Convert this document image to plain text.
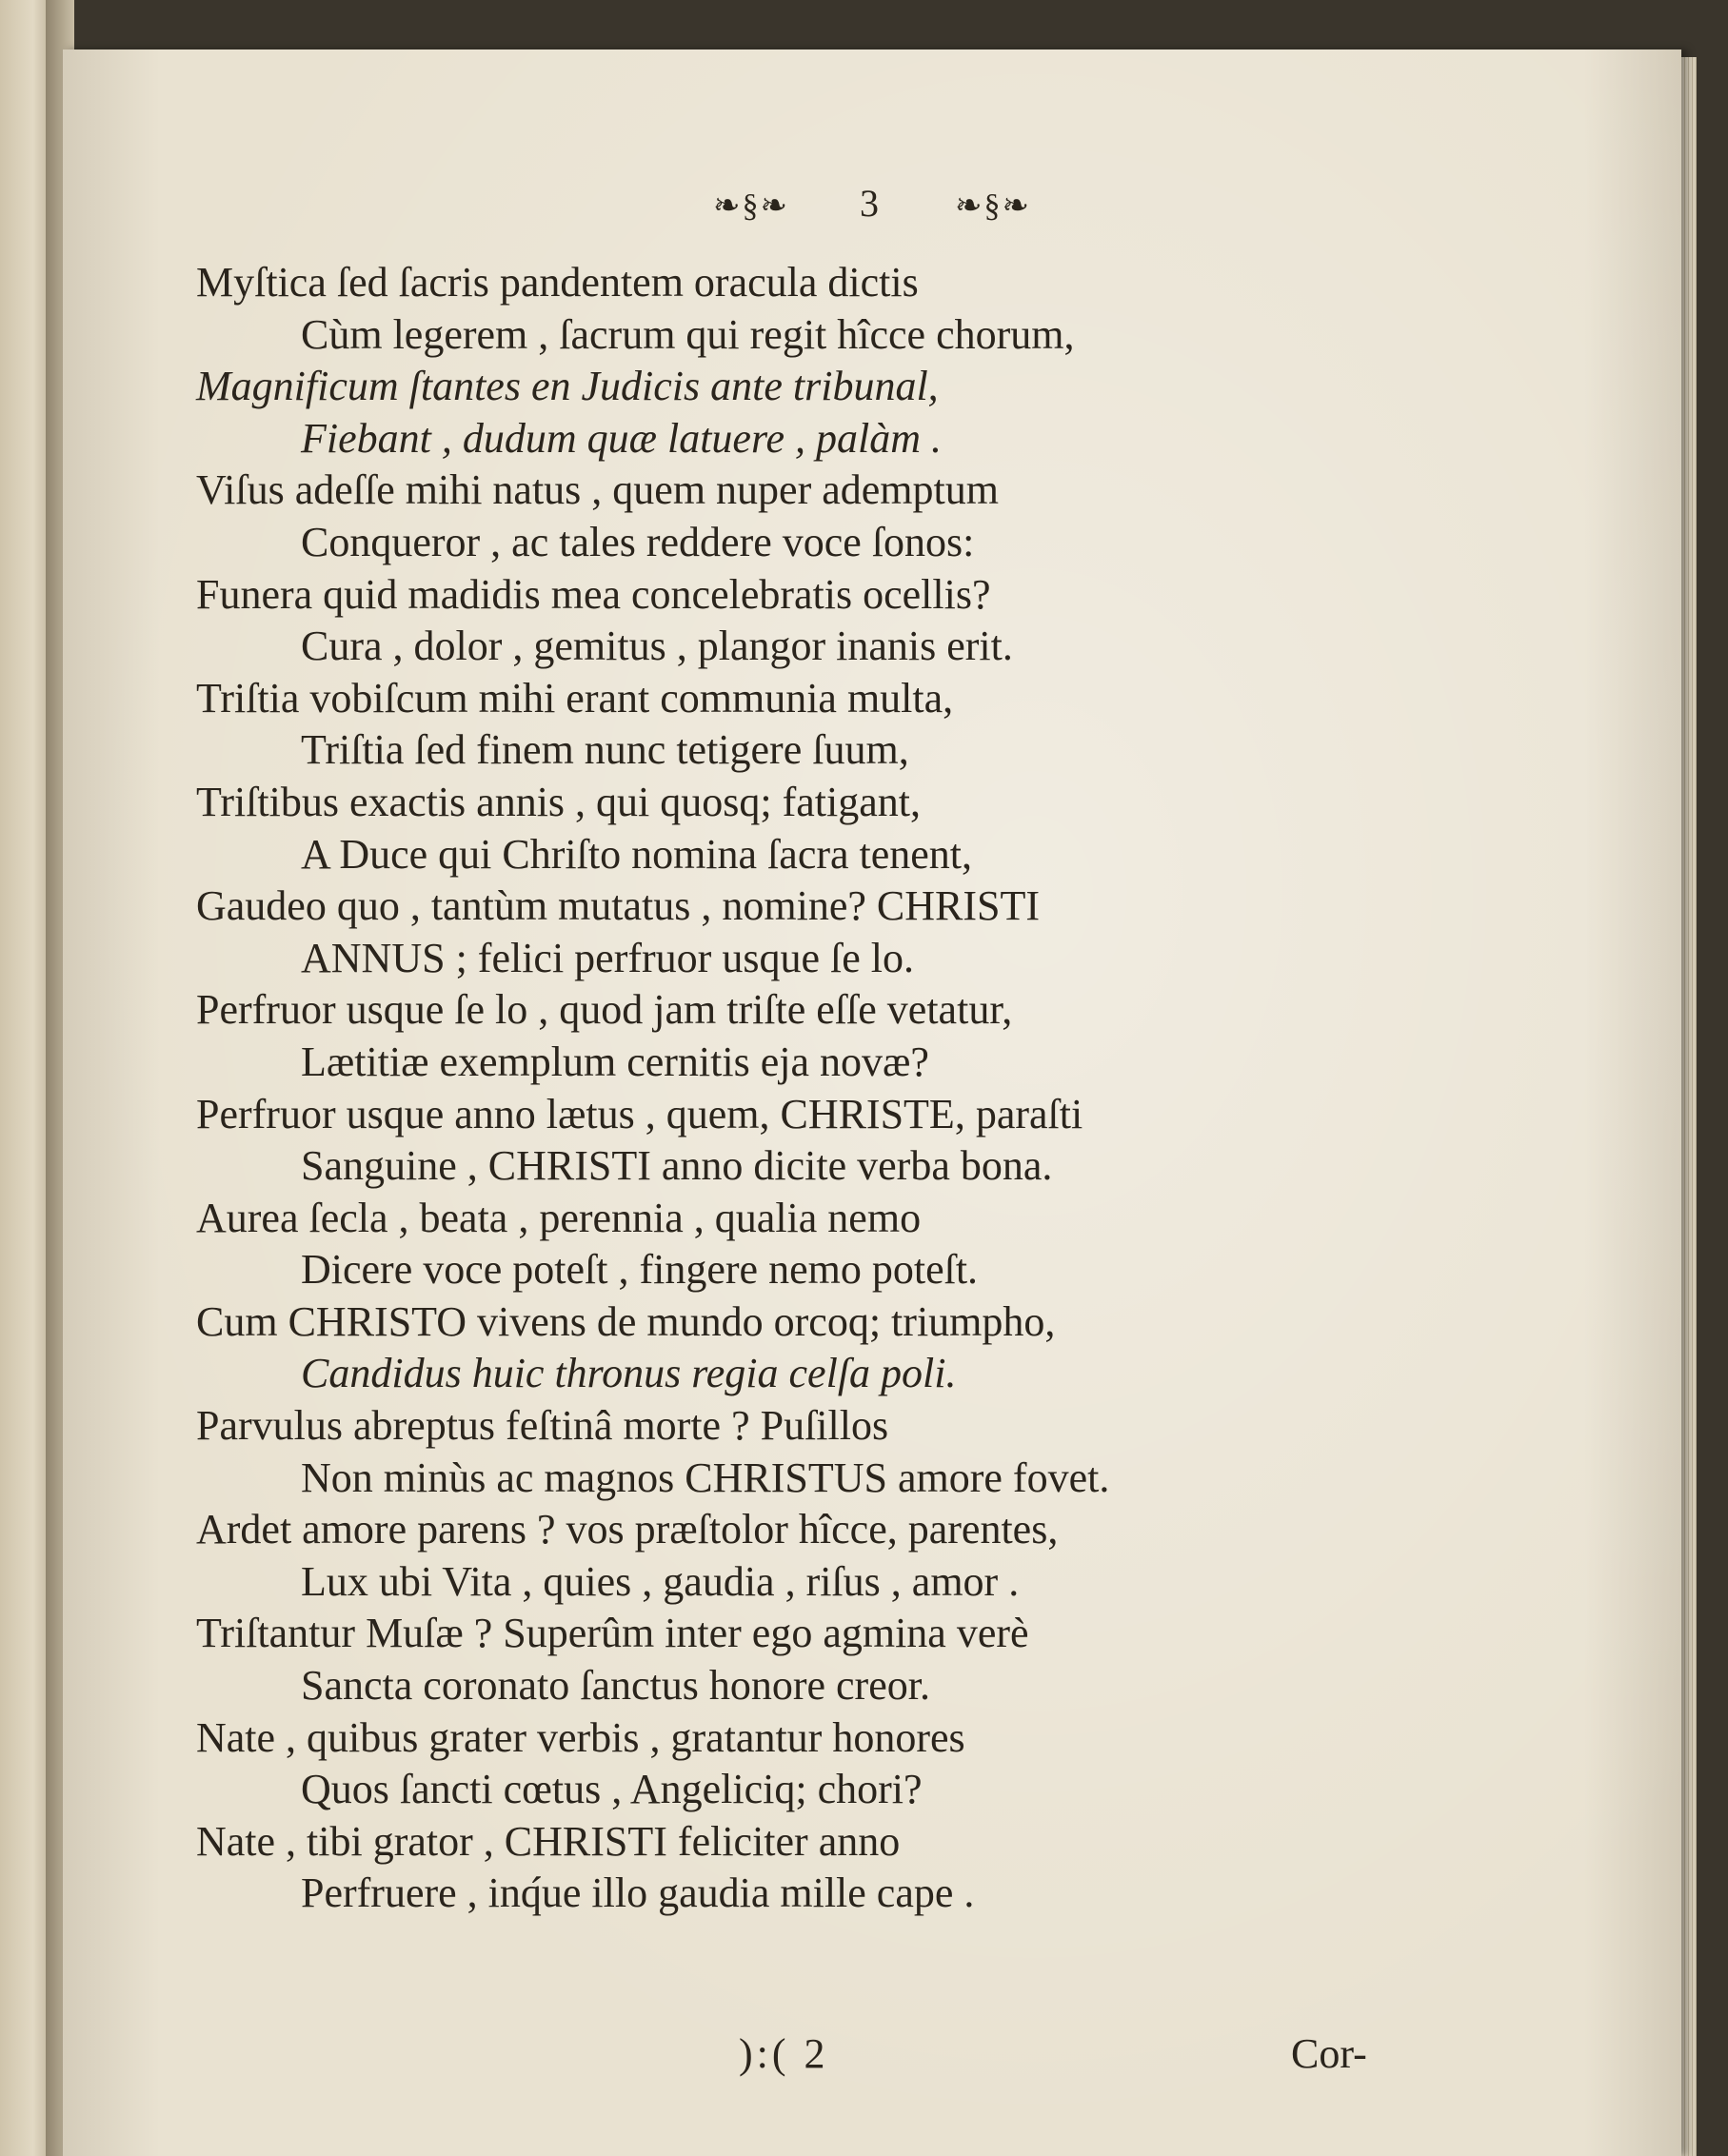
❧§❧ 3 ❧§❧
Myſtica ſed ſacris pandentem oracula dictis
Cùm legerem , ſacrum qui regit hîcce chorum,
Magnificum ſtantes en Judicis ante tribunal,
Fiebant , dudum quæ latuere , palàm .
Viſus adeſſe mihi natus , quem nuper ademptum
Conqueror , ac tales reddere voce ſonos:
Funera quid madidis mea concelebratis ocellis?
Cura , dolor , gemitus , plangor inanis erit.
Triſtia vobiſcum mihi erant communia multa,
Triſtia ſed finem nunc tetigere ſuum,
Triſtibus exactis annis , qui quosq; fatigant,
A Duce qui Chriſto nomina ſacra tenent,
Gaudeo quo , tantùm mutatus , nomine? CHRISTI
ANNUS ; felici perfruor usque ſe lo.
Perfruor usque ſe lo , quod jam triſte eſſe vetatur,
Lætitiæ exemplum cernitis eja novæ?
Perfruor usque anno lætus , quem, CHRISTE, paraſti
Sanguine , CHRISTI anno dicite verba bona.
Aurea ſecla , beata , perennia , qualia nemo
Dicere voce poteſt , fingere nemo poteſt.
Cum CHRISTO vivens de mundo orcoq; triumpho,
Candidus huic thronus regia celſa poli.
Parvulus abreptus feſtinâ morte ? Puſillos
Non minùs ac magnos CHRISTUS amore fovet.
Ardet amore parens ? vos præſtolor hîcce, parentes,
Lux ubi Vita , quies , gaudia , riſus , amor .
Triſtantur Muſæ ? Superûm inter ego agmina verè
Sancta coronato ſanctus honore creor.
Nate , quibus grater verbis , gratantur honores
Quos ſancti cœtus , Angeliciq; chori?
Nate , tibi grator , CHRISTI feliciter anno
Perfruere , inq́ue illo gaudia mille cape .
):( 2	Cor-
